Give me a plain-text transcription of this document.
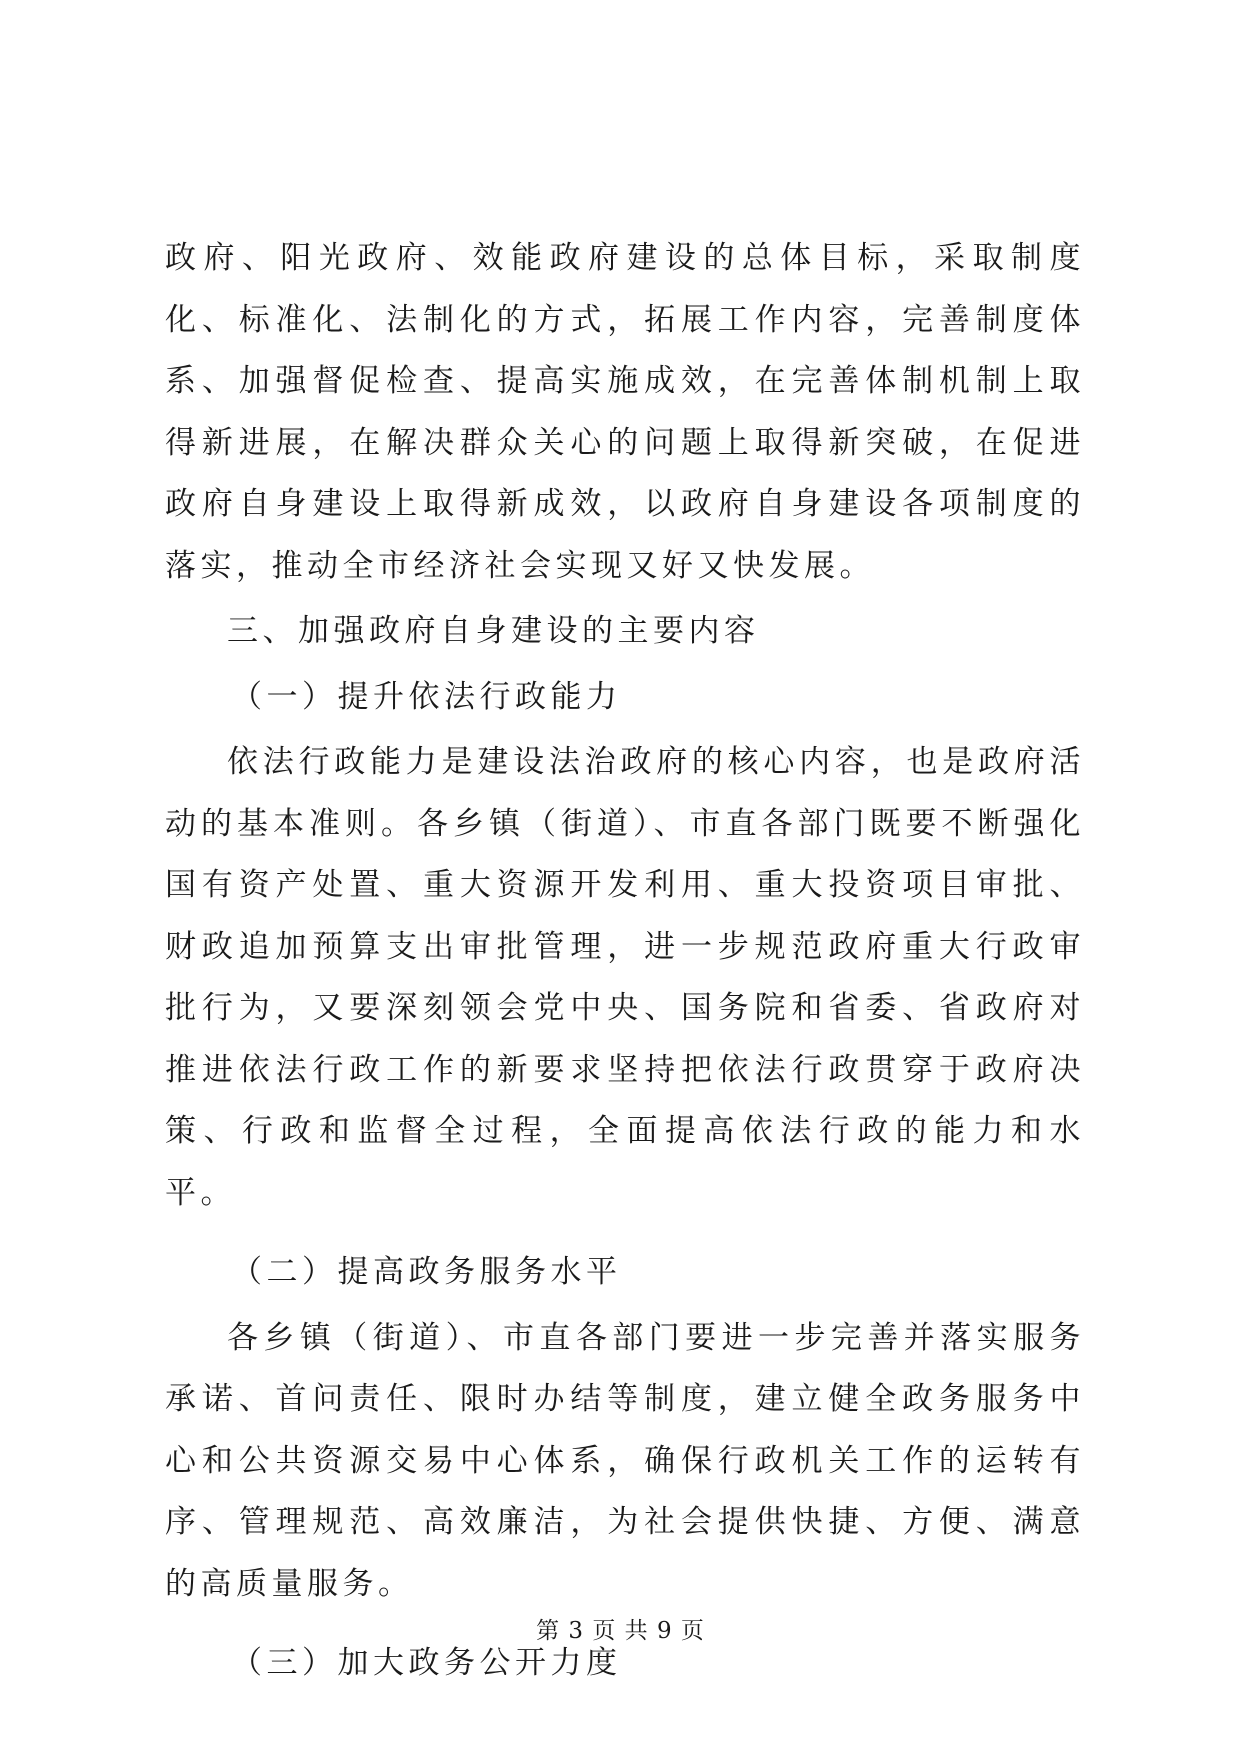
政府、阳光政府、效能政府建设的总体目标，采取制度化、标准化、法制化的方式，拓展工作内容，完善制度体系、加强督促检查、提高实施成效，在完善体制机制上取得新进展，在解决群众关心的问题上取得新突破，在促进政府自身建设上取得新成效，以政府自身建设各项制度的落实，推动全市经济社会实现又好又快发展。

三、加强政府自身建设的主要内容

（一）提升依法行政能力

依法行政能力是建设法治政府的核心内容，也是政府活动的基本准则。各乡镇（街道）、市直各部门既要不断强化国有资产处置、重大资源开发利用、重大投资项目审批、财政追加预算支出审批管理，进一步规范政府重大行政审批行为，又要深刻领会党中央、国务院和省委、省政府对推进依法行政工作的新要求坚持把依法行政贯穿于政府决策、行政和监督全过程，全面提高依法行政的能力和水平。

（二）提高政务服务水平

各乡镇（街道）、市直各部门要进一步完善并落实服务承诺、首问责任、限时办结等制度，建立健全政务服务中心和公共资源交易中心体系，确保行政机关工作的运转有序、管理规范、高效廉洁，为社会提供快捷、方便、满意的高质量服务。

（三）加大政务公开力度

第 3 页 共 9 页
